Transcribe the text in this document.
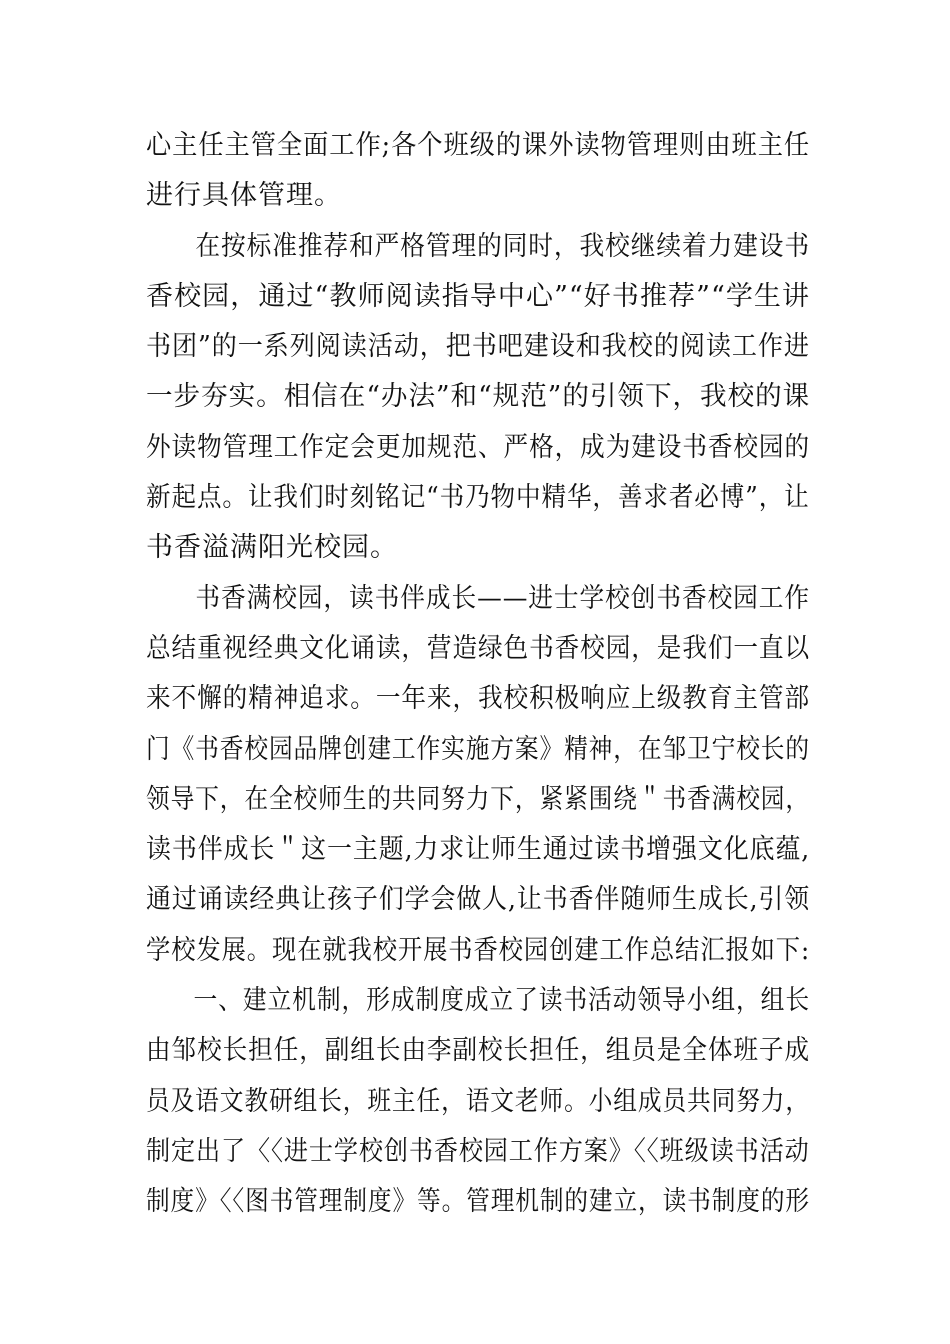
心主任主管全面工作;各个班级的课外读物管理则由班主任
进行具体管理。
在按标准推荐和严格管理的同时，我校继续着力建设书
香校园，通过“教师阅读指导中心”“好书推荐”“学生讲
书团”的一系列阅读活动，把书吧建设和我校的阅读工作进
一步夯实。相信在“办法”和“规范”的引领下，我校的课
外读物管理工作定会更加规范、严格，成为建设书香校园的
新起点。让我们时刻铭记“书乃物中精华，善求者必博”，让
书香溢满阳光校园。
书香满校园，读书伴成长——进士学校创书香校园工作
总结重视经典文化诵读，营造绿色书香校园，是我们一直以
来不懈的精神追求。一年来，我校积极响应上级教育主管部
门《书香校园品牌创建工作实施方案》精神，在邹卫宁校长的
领导下，在全校师生的共同努力下，紧紧围绕＂书香满校园，
读书伴成长＂这一主题,力求让师生通过读书增强文化底蕴,
通过诵读经典让孩子们学会做人,让书香伴随师生成长,引领
学校发展。现在就我校开展书香校园创建工作总结汇报如下:
一、建立机制，形成制度成立了读书活动领导小组，组长
由邹校长担任，副组长由李副校长担任，组员是全体班子成
员及语文教研组长，班主任，语文老师。小组成员共同努力，
制定出了〈〈进士学校创书香校园工作方案》〈〈班级读书活动
制度》〈〈图书管理制度》等。管理机制的建立，读书制度的形
